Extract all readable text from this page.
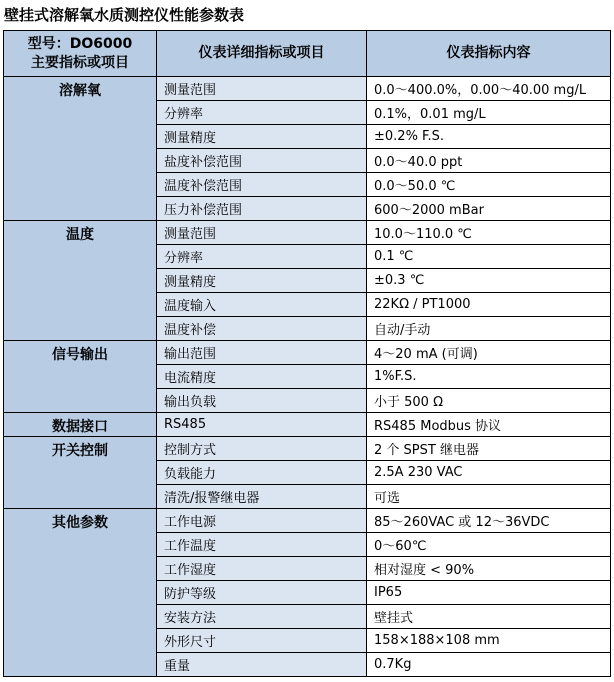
壁挂式溶解氧水质测控仪性能参数表
型号：DO6000
主要指标或项目	仪表详细指标或项目	仪表指标内容
溶解氧	测量范围	0.0～400.0%，0.00～40.00 mg/L
	分辨率	0.1%，0.01 mg/L
	测量精度	±0.2% F.S.
	盐度补偿范围	0.0～40.0 ppt
	温度补偿范围	0.0～50.0 ℃
	压力补偿范围	600～2000 mBar
温度	测量范围	10.0～110.0 ℃
	分辨率	0.1 ℃
	测量精度	±0.3 ℃
	温度输入	22KΩ / PT1000
	温度补偿	自动/手动
信号输出	输出范围	4～20 mA (可调)
	电流精度	1%F.S.
	输出负载	小于 500 Ω
数据接口	RS485	RS485 Modbus 协议
开关控制	控制方式	2 个 SPST 继电器
	负载能力	2.5A 230 VAC
	清洗/报警继电器	可选
其他参数	工作电源	85～260VAC 或 12～36VDC
	工作温度	0～60℃
	工作湿度	相对湿度 < 90%
	防护等级	IP65
	安装方法	壁挂式
	外形尺寸	158×188×108 mm
	重量	0.7Kg
